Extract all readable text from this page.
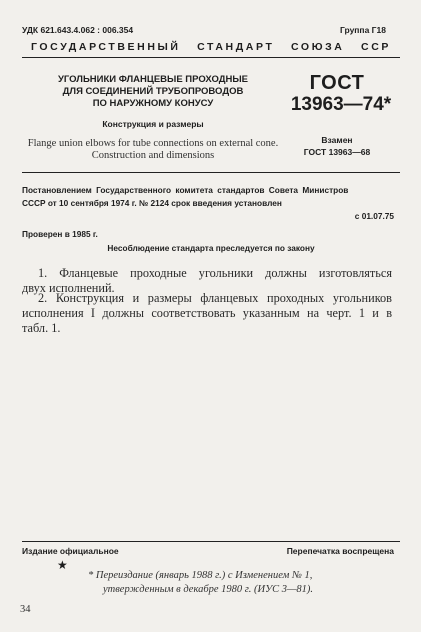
УДК 621.643.4.062 : 006.354	Группа Г18
ГОСУДАРСТВЕННЫЙ   СТАНДАРТ   СОЮЗА   ССР
УГОЛЬНИКИ ФЛАНЦЕВЫЕ ПРОХОДНЫЕ
ДЛЯ СОЕДИНЕНИЙ ТРУБОПРОВОДОВ
ПО НАРУЖНОМУ КОНУСУ
Конструкция и размеры
Flange union elbows for tube connections on external cone.
Construction and dimensions
ГОСТ
13963—74*
Взамен
ГОСТ 13963—68
Постановлением Государственного комитета стандартов Совета Министров
СССР от 10 сентября 1974 г. № 2124 срок введения установлен
с 01.07.75
Проверен в 1985 г.
Несоблюдение стандарта преследуется по закону
1. Фланцевые проходные угольники должны изготовляться
двух исполнений.
2. Конструкция и размеры фланцевых проходных угольников
исполнения I должны соответствовать указанным на черт. 1 и в
табл. 1.
Издание официальное	Перепечатка воспрещена
★
* Переиздание (январь 1988 г.) с Изменением № 1,
утвержденным в декабре 1980 г. (ИУС 3—81).
34
